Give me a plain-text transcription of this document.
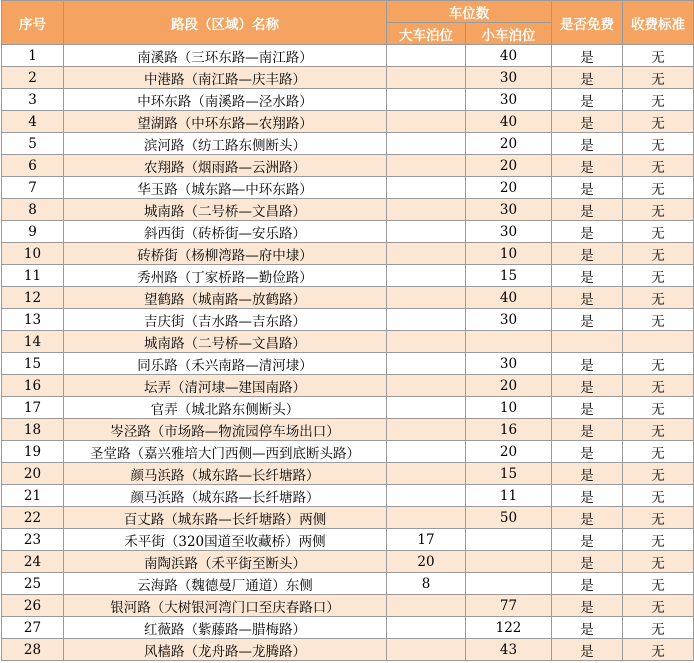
序号	路段（区域）名称	车位数		是否免费	收费标准
		大车泊位	小车泊位		
1	南溪路（三环东路—南江路）		40	是	无
2	中港路（南江路—庆丰路）		30	是	无
3	中环东路（南溪路—泾水路）		30	是	无
4	望湖路（中环东路—农翔路）		40	是	无
5	滨河路（纺工路东侧断头）		20	是	无
6	农翔路（烟雨路—云洲路）		20	是	无
7	华玉路（城东路—中环东路）		20	是	无
8	城南路（二号桥—文昌路）		30	是	无
9	斜西街（砖桥街—安乐路）		30	是	无
10	砖桥街（杨柳湾路—府中埭）		10	是	无
11	秀州路（丁家桥路—勤俭路）		15	是	无
12	望鹤路（城南路—放鹤路）		40	是	无
13	吉庆街（吉水路—吉东路）		30	是	无
14	城南路（二号桥—文昌路）				
15	同乐路（禾兴南路—清河埭）		30	是	无
16	坛弄（清河埭—建国南路）		20	是	无
17	官弄（城北路东侧断头）		10	是	无
18	岑泾路（市场路—物流园停车场出口）		16	是	无
19	圣堂路（嘉兴雅培大门西侧—西到底断头路）		20	是	无
20	颜马浜路（城东路—长纤塘路）		15	是	无
21	颜马浜路（城东路—长纤塘路）		11	是	无
22	百丈路（城东路—长纤塘路）两侧		50	是	无
23	禾平街（320国道至收藏桥）两侧	17		是	无
24	南陶浜路（禾平街至断头）	20		是	无
25	云海路（魏德曼厂通道）东侧	8		是	无
26	银河路（大树银河湾门口至庆春路口）		77	是	无
27	红薇路（紫藤路—腊梅路）		122	是	无
28	风樯路（龙舟路—龙腾路）		43	是	无
